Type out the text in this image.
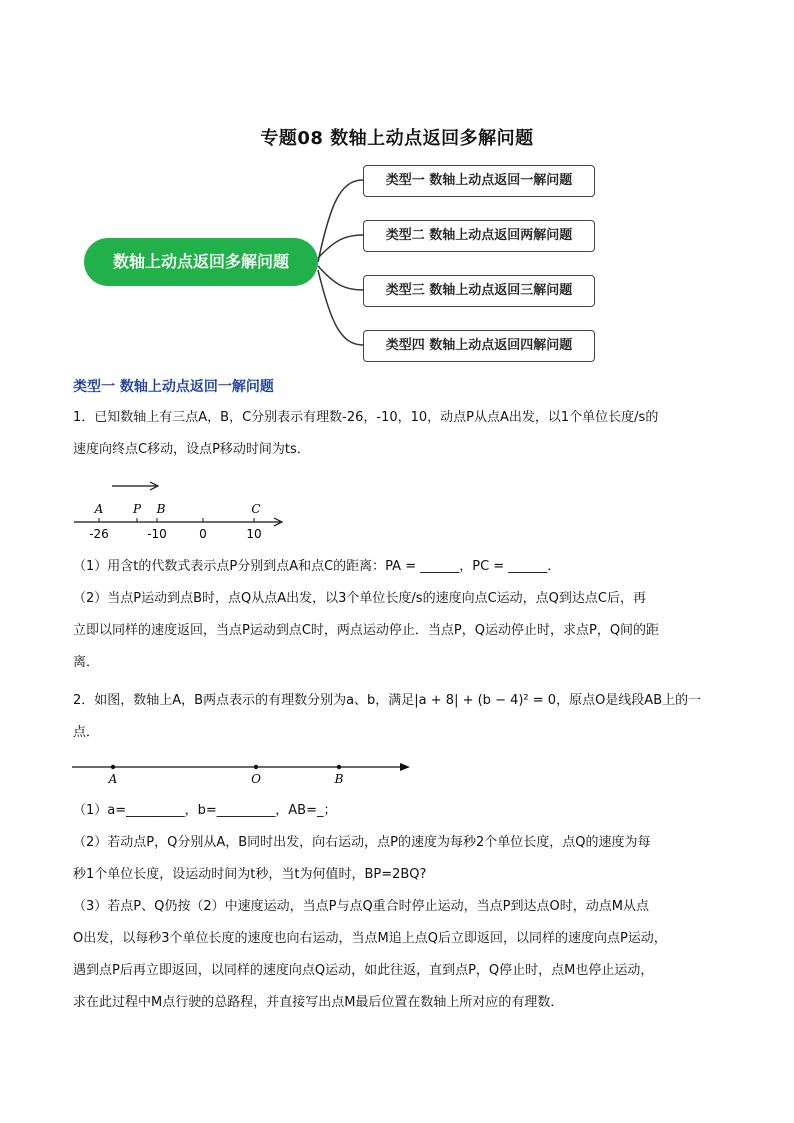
专题08 数轴上动点返回多解问题
数轴上动点返回多解问题
类型一 数轴上动点返回一解问题
类型二 数轴上动点返回两解问题
类型三 数轴上动点返回三解问题
类型四 数轴上动点返回四解问题
类型一 数轴上动点返回一解问题
1．已知数轴上有三点A，B，C分别表示有理数-26，-10，10，动点P从点A出发，以1个单位长度/s的
速度向终点C移动，设点P移动时间为ts．
A P B	C
-26	-10	0	10
（1）用含t的代数式表示点P分别到点A和点C的距离：PA = ______，PC = ______．
（2）当点P运动到点B时，点Q从点A出发，以3个单位长度/s的速度向点C运动，点Q到达点C后，再
立即以同样的速度返回，当点P运动到点C时，两点运动停止．当点P，Q运动停止时，求点P，Q间的距
离．
2．如图，数轴上A，B两点表示的有理数分别为a、b，满足|a + 8| + (b − 4)² = 0，原点O是线段AB上的一
点．
A	O	B
（1）a=_________，b=_________，AB=_；
（2）若动点P，Q分别从A，B同时出发，向右运动，点P的速度为每秒2个单位长度，点Q的速度为每
秒1个单位长度，设运动时间为t秒，当t为何值时，BP=2BQ?
（3）若点P、Q仍按（2）中速度运动，当点P与点Q重合时停止运动，当点P到达点O时，动点M从点
O出发，以每秒3个单位长度的速度也向右运动，当点M追上点Q后立即返回，以同样的速度向点P运动，
遇到点P后再立即返回，以同样的速度向点Q运动，如此往返，直到点P，Q停止时，点M也停止运动，
求在此过程中M点行驶的总路程，并直接写出点M最后位置在数轴上所对应的有理数．
